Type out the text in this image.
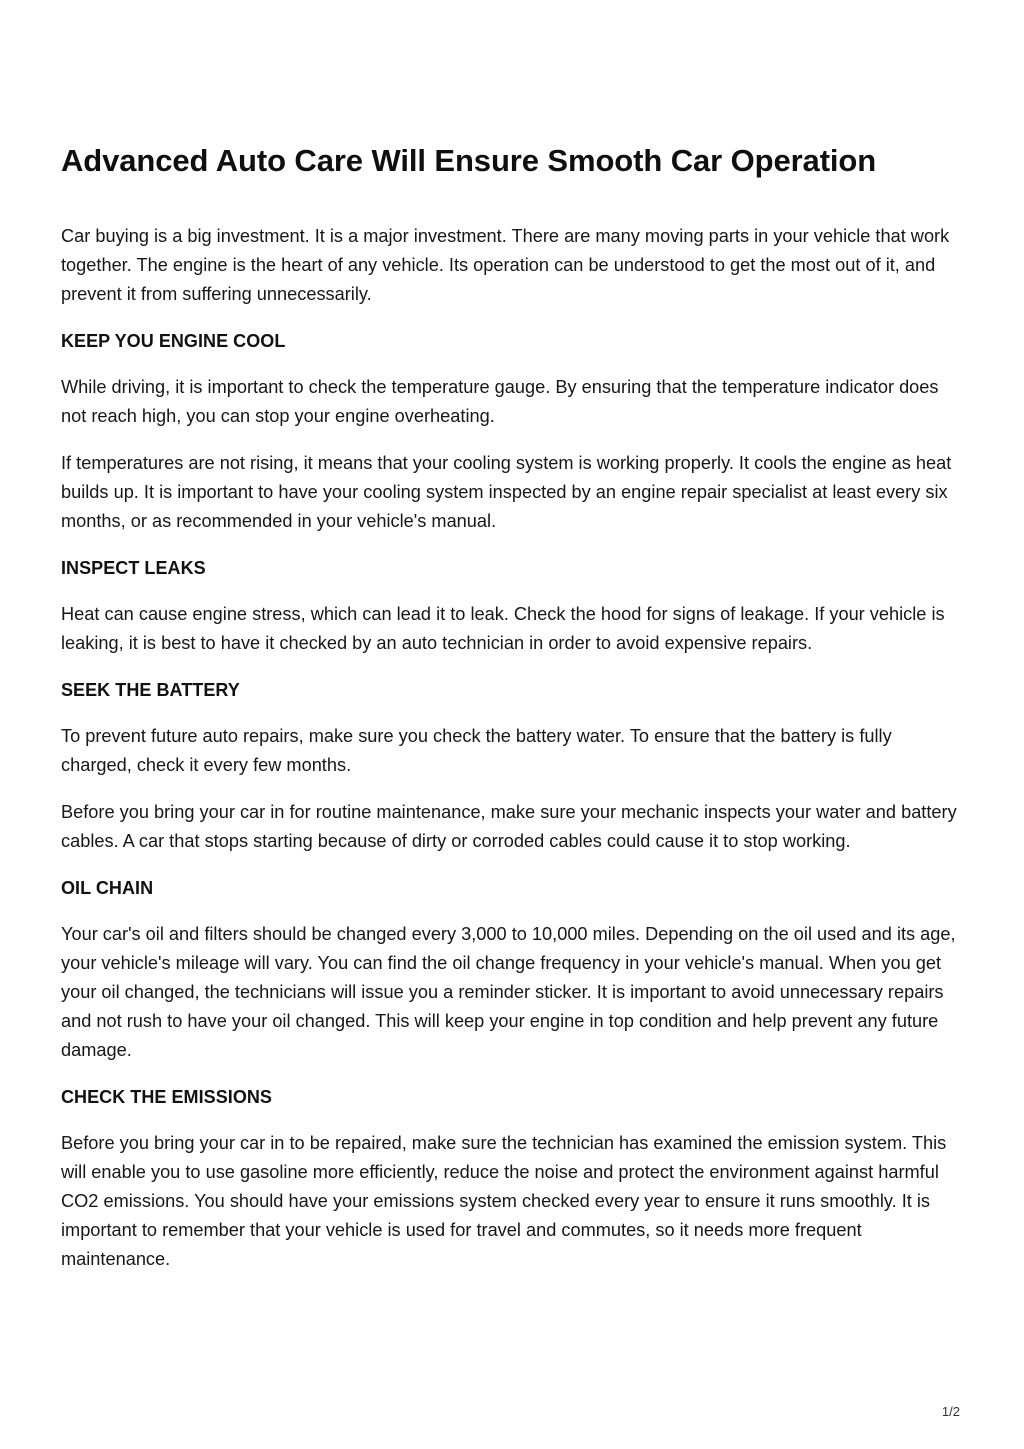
Advanced Auto Care Will Ensure Smooth Car Operation

Car buying is a big investment. It is a major investment. There are many moving parts in your vehicle that work together. The engine is the heart of any vehicle. Its operation can be understood to get the most out of it, and prevent it from suffering unnecessarily.

KEEP YOU ENGINE COOL

While driving, it is important to check the temperature gauge. By ensuring that the temperature indicator does not reach high, you can stop your engine overheating.

If temperatures are not rising, it means that your cooling system is working properly. It cools the engine as heat builds up. It is important to have your cooling system inspected by an engine repair specialist at least every six months, or as recommended in your vehicle's manual.

INSPECT LEAKS

Heat can cause engine stress, which can lead it to leak. Check the hood for signs of leakage. If your vehicle is leaking, it is best to have it checked by an auto technician in order to avoid expensive repairs.

SEEK THE BATTERY

To prevent future auto repairs, make sure you check the battery water. To ensure that the battery is fully charged, check it every few months.

Before you bring your car in for routine maintenance, make sure your mechanic inspects your water and battery cables. A car that stops starting because of dirty or corroded cables could cause it to stop working.

OIL CHAIN

Your car's oil and filters should be changed every 3,000 to 10,000 miles. Depending on the oil used and its age, your vehicle's mileage will vary. You can find the oil change frequency in your vehicle's manual. When you get your oil changed, the technicians will issue you a reminder sticker. It is important to avoid unnecessary repairs and not rush to have your oil changed. This will keep your engine in top condition and help prevent any future damage.

CHECK THE EMISSIONS

Before you bring your car in to be repaired, make sure the technician has examined the emission system. This will enable you to use gasoline more efficiently, reduce the noise and protect the environment against harmful CO2 emissions. You should have your emissions system checked every year to ensure it runs smoothly. It is important to remember that your vehicle is used for travel and commutes, so it needs more frequent maintenance.

1/2
